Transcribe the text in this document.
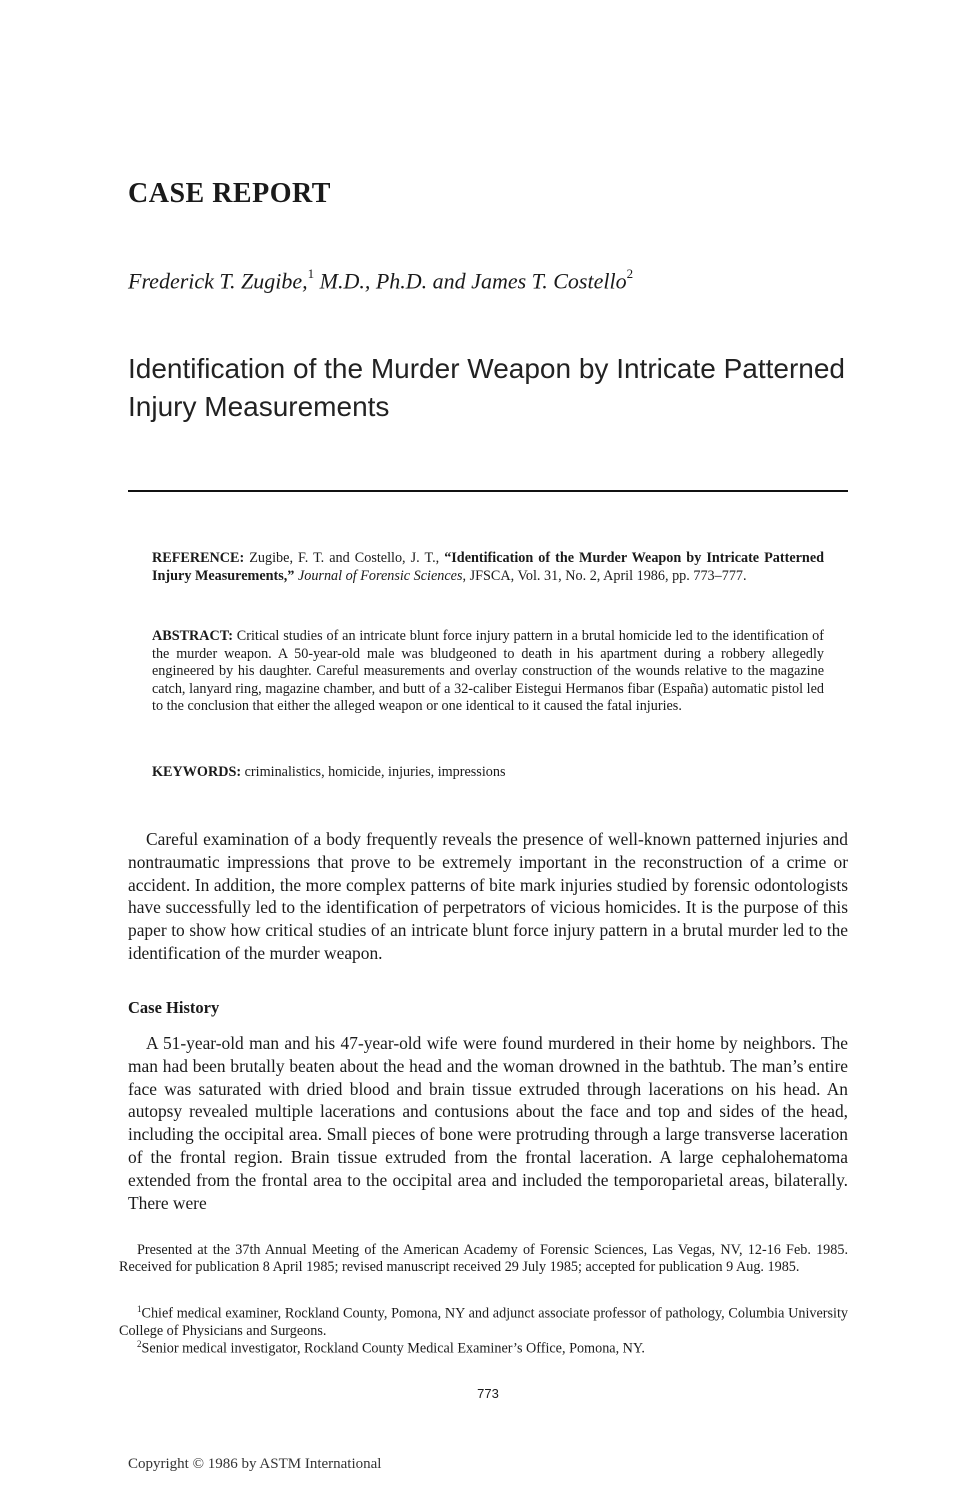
CASE REPORT
Frederick T. Zugibe,$^1$ M.D., Ph.D. and James T. Costello$^2$
Identification of the Murder Weapon by Intricate Patterned Injury Measurements

REFERENCE: Zugibe, F. T. and Costello, J. T., “Identification of the Murder Weapon by Intricate Patterned Injury Measurements,” Journal of Forensic Sciences, JFSCA, Vol. 31, No. 2, April 1986, pp. 773–777.

ABSTRACT: Critical studies of an intricate blunt force injury pattern in a brutal homicide led to the identification of the murder weapon. A 50-year-old male was bludgeoned to death in his apartment during a robbery allegedly engineered by his daughter. Careful measurements and overlay construction of the wounds relative to the magazine catch, lanyard ring, magazine chamber, and butt of a 32-caliber Eistegui Hermanos fibar (España) automatic pistol led to the conclusion that either the alleged weapon or one identical to it caused the fatal injuries.

KEYWORDS: criminalistics, homicide, injuries, impressions

Careful examination of a body frequently reveals the presence of well-known patterned injuries and nontraumatic impressions that prove to be extremely important in the reconstruction of a crime or accident. In addition, the more complex patterns of bite mark injuries studied by forensic odontologists have successfully led to the identification of perpetrators of vicious homicides. It is the purpose of this paper to show how critical studies of an intricate blunt force injury pattern in a brutal murder led to the identification of the murder weapon.

Case History

A 51-year-old man and his 47-year-old wife were found murdered in their home by neighbors. The man had been brutally beaten about the head and the woman drowned in the bathtub. The man’s entire face was saturated with dried blood and brain tissue extruded through lacerations on his head. An autopsy revealed multiple lacerations and contusions about the face and top and sides of the head, including the occipital area. Small pieces of bone were protruding through a large transverse laceration of the frontal region. Brain tissue extruded from the frontal laceration. A large cephalohematoma extended from the frontal area to the occipital area and included the temporoparietal areas, bilaterally. There were

Presented at the 37th Annual Meeting of the American Academy of Forensic Sciences, Las Vegas, NV, 12-16 Feb. 1985. Received for publication 8 April 1985; revised manuscript received 29 July 1985; accepted for publication 9 Aug. 1985.

$^1$Chief medical examiner, Rockland County, Pomona, NY and adjunct associate professor of pathology, Columbia University College of Physicians and Surgeons.

$^2$Senior medical investigator, Rockland County Medical Examiner’s Office, Pomona, NY.

773
Copyright © 1986 by ASTM International
